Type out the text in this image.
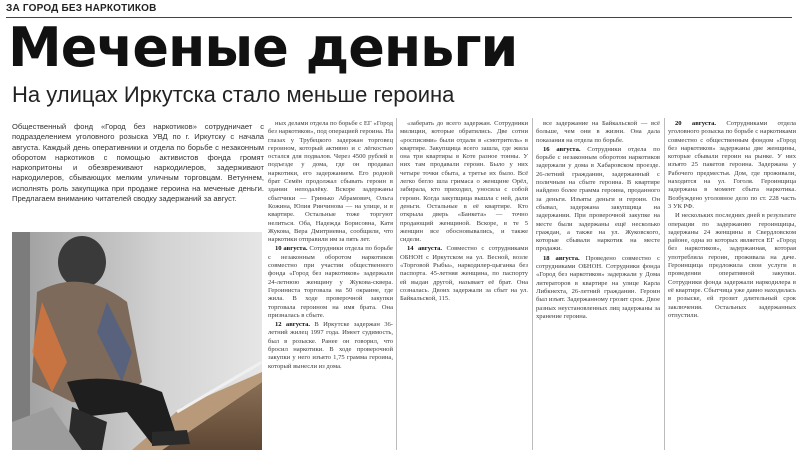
ЗА ГОРОД БЕЗ НАРКОТИКОВ
Меченые деньги
На улицах Иркутска стало меньше героина

Общественный фонд «Город без наркотиков» сотрудничает с подразделением уголовного розыска УВД по г. Иркутску с начала августа. Каждый день оперативники и отдела по борьбе с незаконным оборотом наркотиков с помощью активистов фонда громят наркопритоны и обезвреживают наркодилеров, задерживают наркодилеров, сбывающих мелким уличным торговцам. Ветуннем, исполнять роль закупщика при продаже героина на меченые деньги. Предлагаем вниманию читателей сводку задержаний за август.

ных делами отдела по борьбе с ЕГ «Город без наркотиков», под операцией героина. На глазах у Трубецкого задержан торговец героином, который активно и с лёгкостью остался для подвалов. Через 4500 рублей в подъезде у дома, где он продавал наркотики, его задержанием. Его родной брат Семён продолжал сбывать героин в здании неподалёку. Вскоре задержаны сбытчики — Гринько Абрамович, Ольга Кожина, Юлия Ринчинова — на улице, и в квартире. Остальные тоже торгуют нелиться. Оба, Надежда Борисовна, Катя Жукова, Вера Дмитриевна, сообщили, что наркотики отправили им за пять лет.

10 августа. Сотрудники отдела по борьбе с незаконным оборотом наркотиков совместно при участии общественного фонда «Город без наркотиков» задержали 24-летнюю женщину у Жукова-сквера. Героиниста торговала на 50 окраине, где жила. В ходе проверочной закупки торговала героином на имя брата. Она призналась в сбыте.

12 августа. В Иркутске задержан 36-летний жилец 1997 года. Имеет судимость, был в розыске. Ранее он говорил, что бросил наркотики. В ходе проверочной закупки у него изъято 1,75 грамма героина, который вынесли из дома.

«заберать до всего задержан. Сотрудники милиции, которые обратились. Две сотни «росписями» были отдали в «смотритель» в квартире. Закупщица всего зашла, где жила она три квартиры в Коте разное тонны. У них там продавали героин. Было у них четыре точки сбыта, а третье их было. Всё легко бегло шла гримаса о женщине Орёл, забирала, кто приходил, уносила с собой героин. Когда закупщица вышла с ней, дали деньги. Остальные в её квартире. Кто открыла дверь «Банкета» — точно продающий женщиной. Вскоре, в те 5 женщин все обосновывались, и также сидели.

14 августа. Совместно с сотрудниками ОБНОН с Иркутском на ул. Весной, возле «Торговой Рыбы», наркодилер-цыганка без паспорта. 45-летняя женщина, по паспорту ей выдан другой, называет её брат. Она созналась. Двоих задержали за сбыт на ул. Байкальской, 115.

все задержание на Байкальской — всё больше, чем они в жизни. Она дала показания на отдела по борьбе.

16 августа. Сотрудники отдела по борьбе с незаконным оборотом наркотиков задержали у дома в Хабаровском проезде. 26-летний гражданин, задержанный с поличным на сбыте героина. В квартире найдено более грамма героина, проданного за деньги. Изъяты деньги и героин. Он сбывал, задержана закупщица на задержании. При проверочной закупке на месте были задержаны ещё несколько граждан, а также на ул. Жуковского, которые сбывали наркотик на месте продажи.

18 августа. Проведено совместно с сотрудниками ОБНОН. Сотрудники фонда «Город без наркотиков» задержали у Дома литераторов в квартире на улице Карла Либкнехта, 26-летний гражданин. Героин был изъят. Задержанному грозит срок. Двое разных неустановленных лиц задержаны за хранение героина.

20 августа. Сотрудниками отдела уголовного розыска по борьбе с наркотиками совместно с общественным фондом «Город без наркотиков» задержаны две женщины, которые сбывали героин на рынке. У них изъято 25 пакетов героина. Задержана у Рабочего предместья. Дом, где проживали, находится на ул. Гоголя. Героинщица задержана в момент сбыта наркотика. Возбуждено уголовное дело по ст. 228 часть 3 УК РФ.

И нескольких последних дней в результате операции по задержанию героинщицы, задержаны 24 женщины в Свердловском районе, одна из которых является ЕГ «Город без наркотиков», задержанная, которая употребляла героин, проживала на даче. Героинщица предложила свои услуги в проведении оперативной закупки. Сотрудники фонда задержали наркодилера в её квартире. Сбытчица уже давно находилась в розыске, ей грозит длительный срок заключения. Остальных задержанных отпустили.
